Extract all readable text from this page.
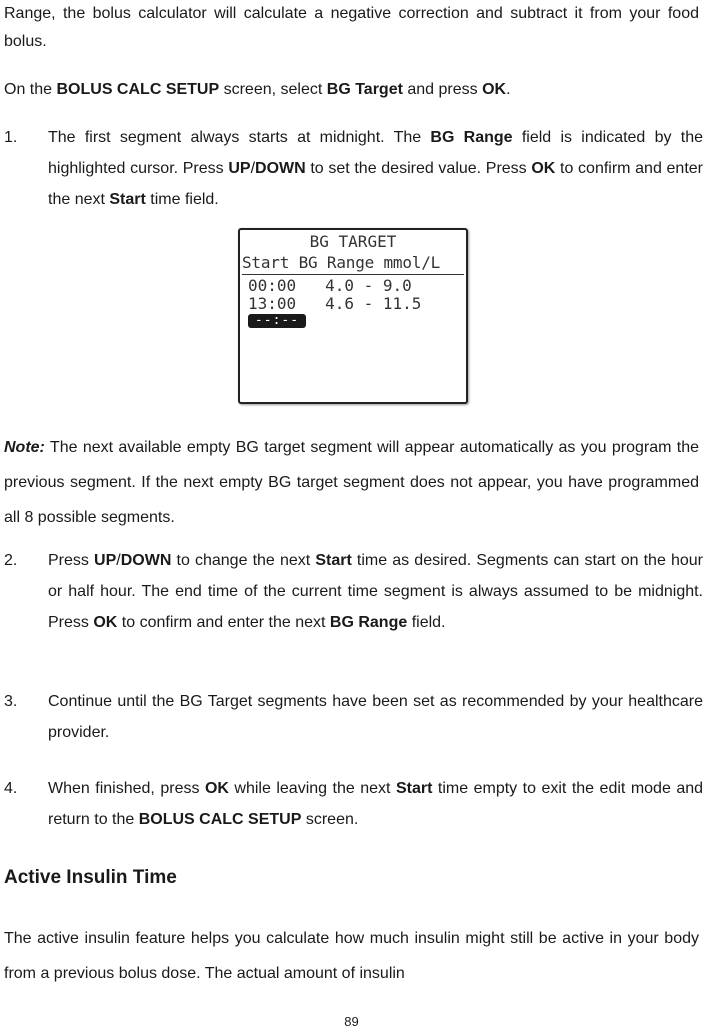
Range, the bolus calculator will calculate a negative correction and subtract it from your food bolus.

On the BOLUS CALC SETUP screen, select BG Target and press OK.

1.	The first segment always starts at midnight. The BG Range field is indicated by the highlighted cursor. Press UP/DOWN to set the desired value. Press OK to confirm and enter the next Start time field.

BG TARGET
Start BG Range mmol/L
00:00 4.0 - 9.0
13:00 4.6 - 11.5
--:--

Note: The next available empty BG target segment will appear automatically as you program the previous segment. If the next empty BG target segment does not appear, you have programmed all 8 possible segments.

2.	Press UP/DOWN to change the next Start time as desired. Segments can start on the hour or half hour. The end time of the current time segment is always assumed to be midnight. Press OK to confirm and enter the next BG Range field.

3.	Continue until the BG Target segments have been set as recommended by your healthcare provider.

4.	When finished, press OK while leaving the next Start time empty to exit the edit mode and return to the BOLUS CALC SETUP screen.

Active Insulin Time

The active insulin feature helps you calculate how much insulin might still be active in your body from a previous bolus dose. The actual amount of insulin

89
